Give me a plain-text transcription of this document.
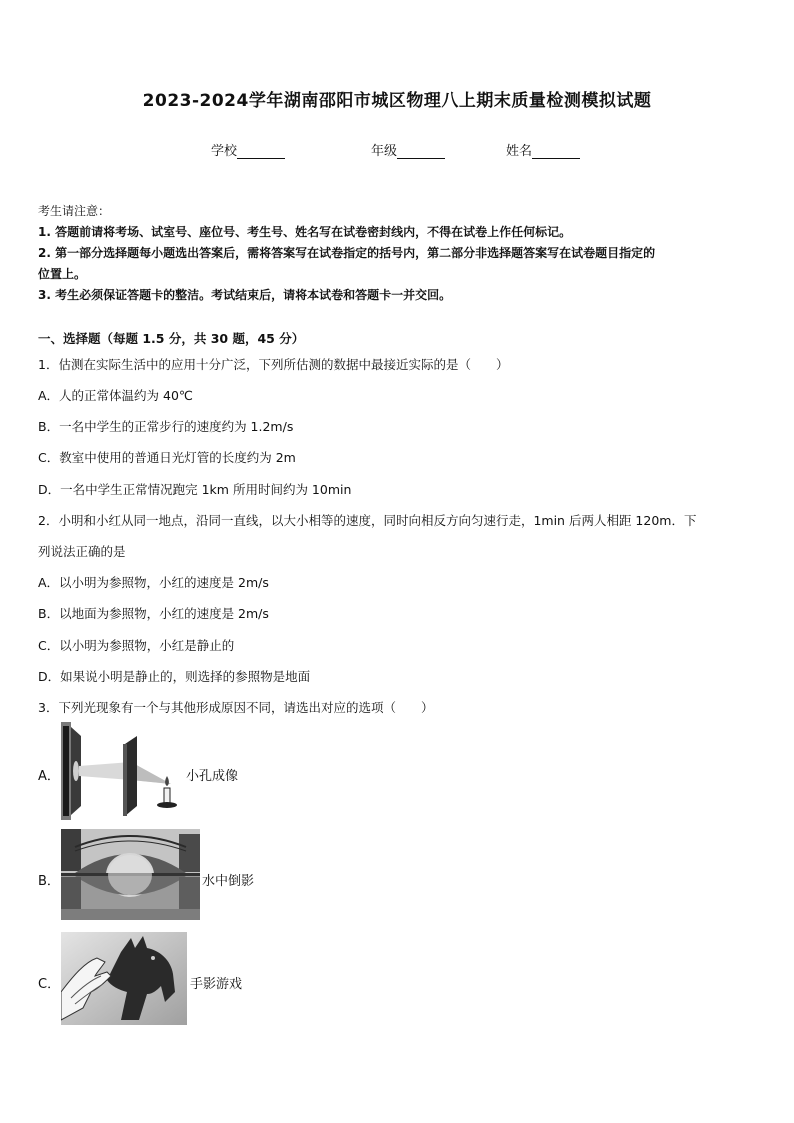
2023-2024学年湖南邵阳市城区物理八上期末质量检测模拟试题
学校	年级	姓名
考生请注意：
1. 答题前请将考场、试室号、座位号、考生号、姓名写在试卷密封线内，不得在试卷上作任何标记。
2. 第一部分选择题每小题选出答案后，需将答案写在试卷指定的括号内，第二部分非选择题答案写在试卷题目指定的
位置上。
3. 考生必须保证答题卡的整洁。考试结束后，请将本试卷和答题卡一并交回。
一、选择题（每题 1.5 分，共 30 题，45 分）
1．估测在实际生活中的应用十分广泛，下列所估测的数据中最接近实际的是（　　）
A．人的正常体温约为 40℃
B．一名中学生的正常步行的速度约为 1.2m/s
C．教室中使用的普通日光灯管的长度约为 2m
D．一名中学生正常情况跑完 1km 所用时间约为 10min
2．小明和小红从同一地点，沿同一直线，以大小相等的速度，同时向相反方向匀速行走，1min 后两人相距 120m．下
列说法正确的是
A．以小明为参照物，小红的速度是 2m/s
B．以地面为参照物，小红的速度是 2m/s
C．以小明为参照物，小红是静止的
D．如果说小明是静止的，则选择的参照物是地面
3．下列光现象有一个与其他形成原因不同，请选出对应的选项（　　）
A．	小孔成像
B．	水中倒影
C．	手影游戏
